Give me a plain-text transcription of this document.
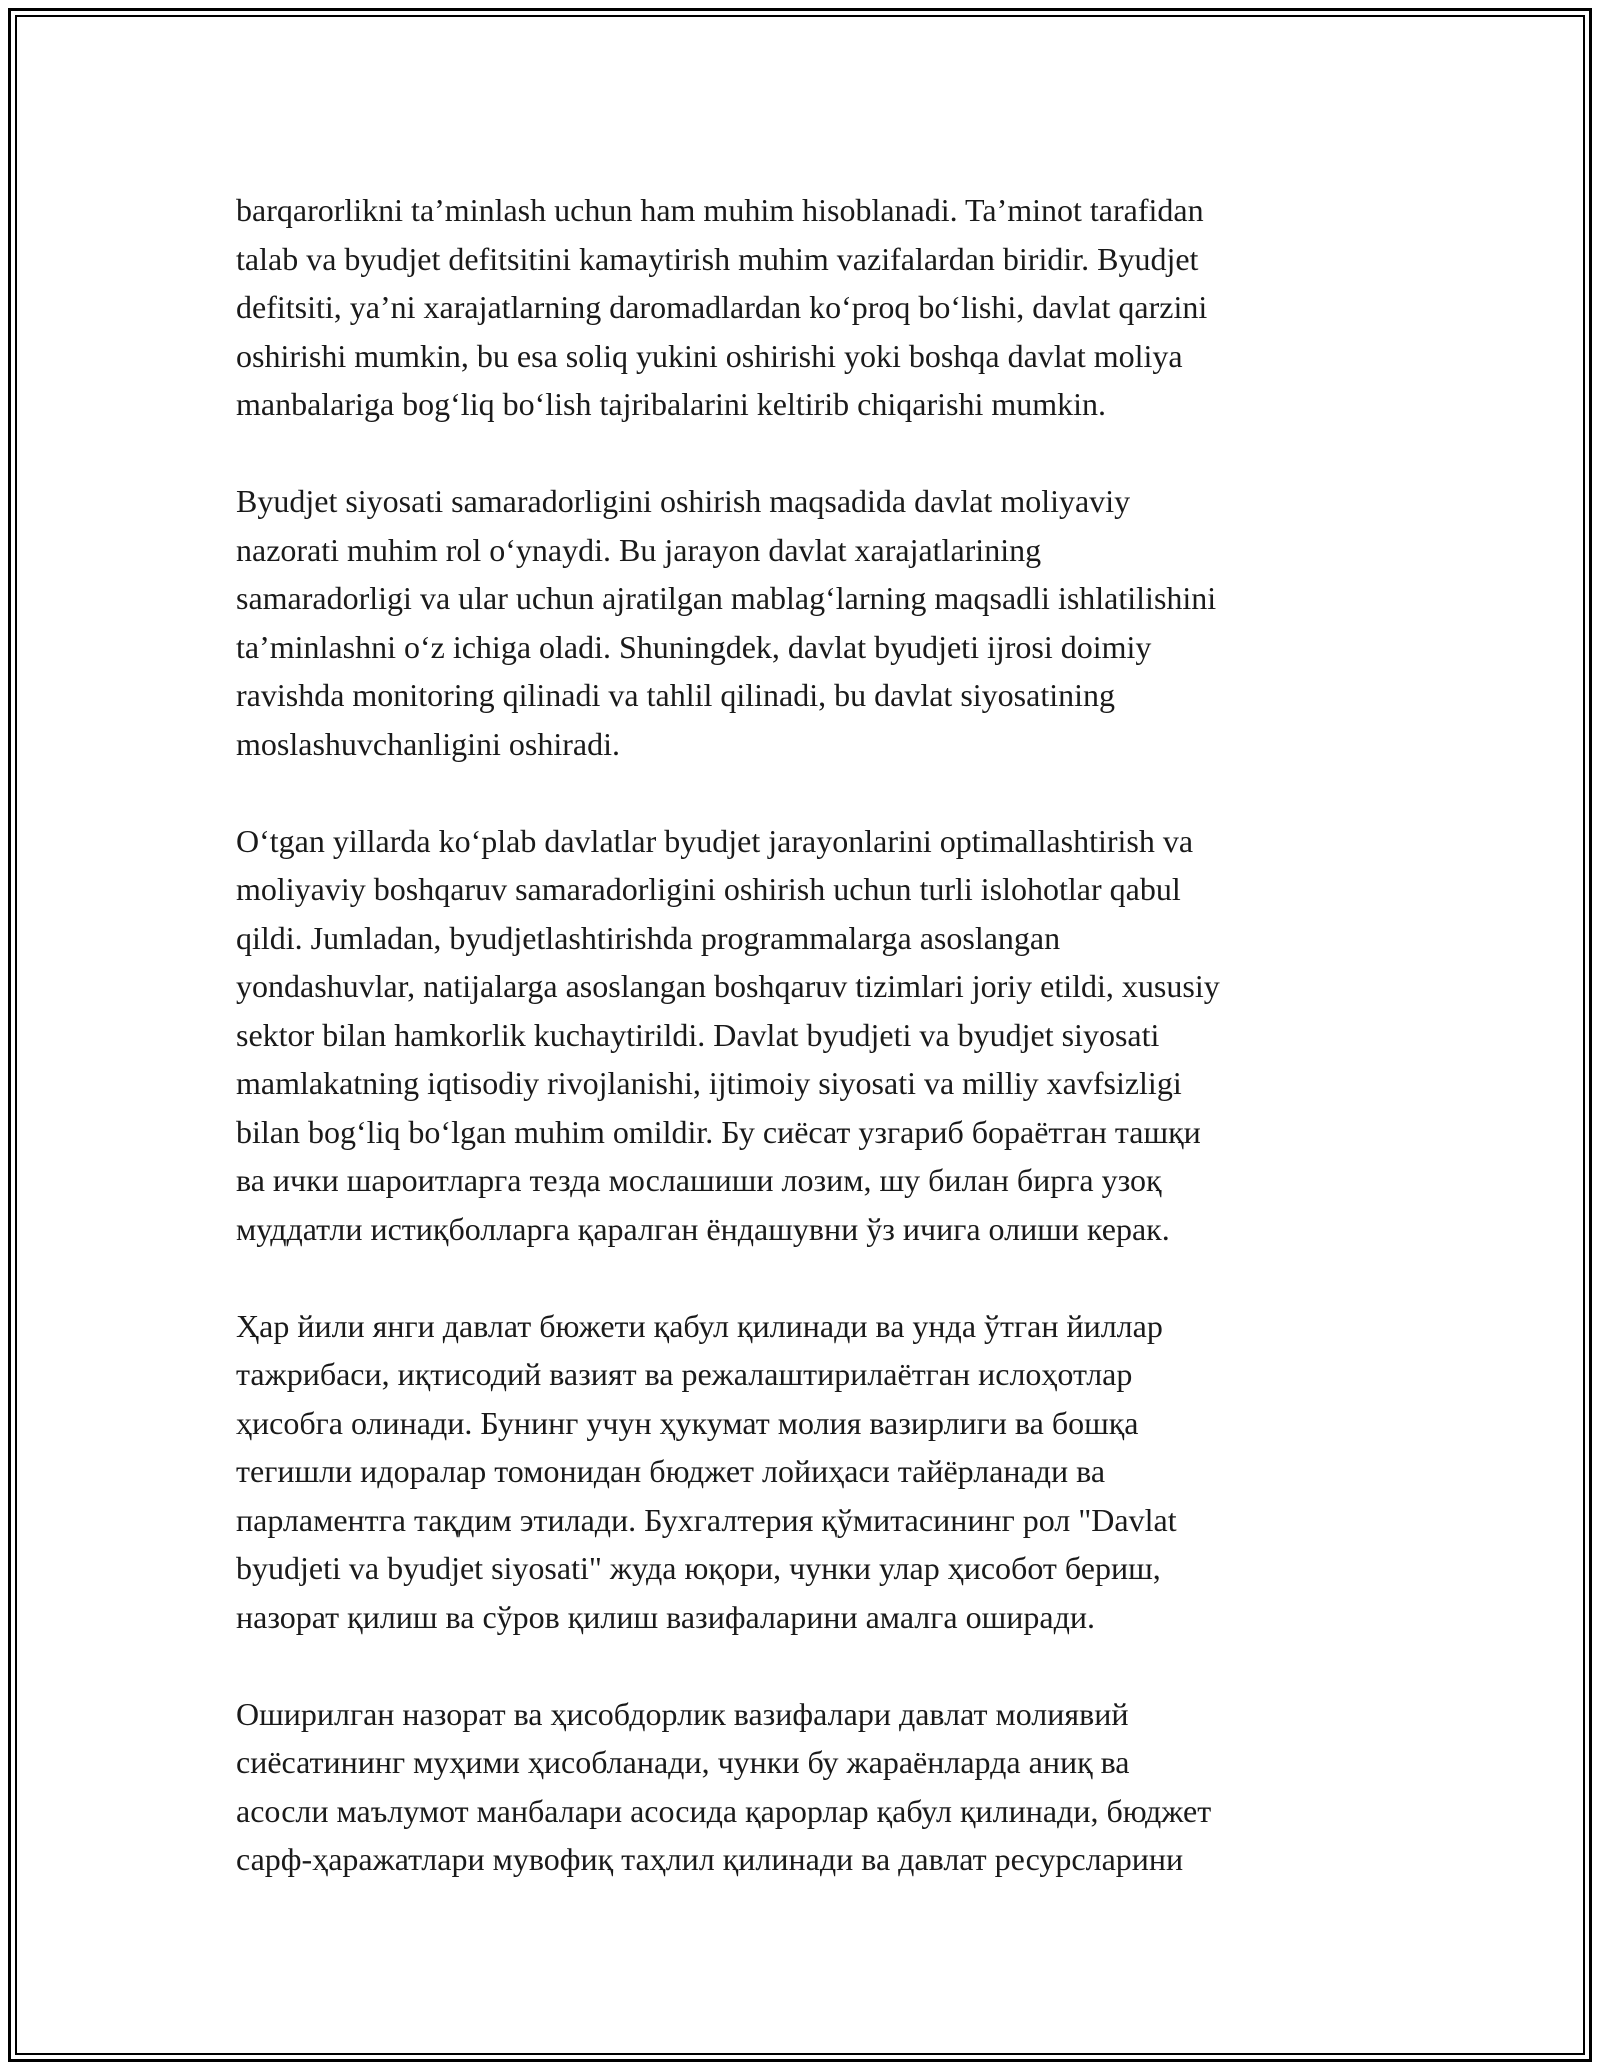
barqarorlikni ta’minlash uchun ham muhim hisoblanadi. Ta’minot tarafidan
talab va byudjet defitsitini kamaytirish muhim vazifalardan biridir. Byudjet
defitsiti, ya’ni xarajatlarning daromadlardan ko‘proq bo‘lishi, davlat qarzini
oshirishi mumkin, bu esa soliq yukini oshirishi yoki boshqa davlat moliya
manbalariga bog‘liq bo‘lish tajribalarini keltirib chiqarishi mumkin.

Byudjet siyosati samaradorligini oshirish maqsadida davlat moliyaviy
nazorati muhim rol o‘ynaydi. Bu jarayon davlat xarajatlarining
samaradorligi va ular uchun ajratilgan mablag‘larning maqsadli ishlatilishini
ta’minlashni o‘z ichiga oladi. Shuningdek, davlat byudjeti ijrosi doimiy
ravishda monitoring qilinadi va tahlil qilinadi, bu davlat siyosatining
moslashuvchanligini oshiradi.

O‘tgan yillarda ko‘plab davlatlar byudjet jarayonlarini optimallashtirish va
moliyaviy boshqaruv samaradorligini oshirish uchun turli islohotlar qabul
qildi. Jumladan, byudjetlashtirishda programmalarga asoslangan
yondashuvlar, natijalarga asoslangan boshqaruv tizimlari joriy etildi, xususiy
sektor bilan hamkorlik kuchaytirildi. Davlat byudjeti va byudjet siyosati
mamlakatning iqtisodiy rivojlanishi, ijtimoiy siyosati va milliy xavfsizligi
bilan bog‘liq bo‘lgan muhim omildir. Бу сиёсат узгариб бораётган ташқи
ва ички шароитларга тезда мослашиши лозим, шу билан бирга узоқ
муддатли истиқболларга қаралган ёндашувни ўз ичига олиши керак.

Ҳар йили янги давлат бюжети қабул қилинади ва унда ўтган йиллар
тажрибаси, иқтисодий вазият ва режалаштирилаётган ислоҳотлар
ҳисобга олинади. Бунинг учун ҳукумат молия вазирлиги ва бошқа
тегишли идоралар томонидан бюджет лойиҳаси тайёрланади ва
парламентга тақдим этилади. Бухгалтерия қўмитасининг рол "Davlat
byudjeti va byudjet siyosati" жуда юқори, чунки улар ҳисобот бериш,
назорат қилиш ва сўров қилиш вазифаларини амалга оширади.

Оширилган назорат ва ҳисобдорлик вазифалари давлат молиявий
сиёсатининг муҳими ҳисобланади, чунки бу жараёнларда аниқ ва
асосли маълумот манбалари асосида қарорлар қабул қилинади, бюджет
сарф-ҳаражатлари мувофиқ таҳлил қилинади ва давлат ресурсларини
